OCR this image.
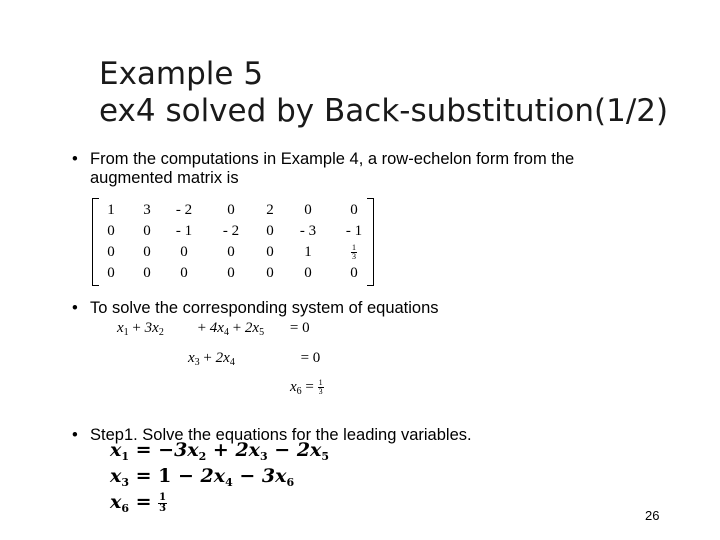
Example 5
ex4 solved by Back-substitution(1/2)
• From the computations in Example 4, a row-echelon form from the augmented matrix is
1	3	- 2	0	2	0	0
0	0	- 1	- 2	0	- 3	- 1
0	0	0	0	0	1	$\frac{1}{3}$
0	0	0	0	0	0	0
• To solve the corresponding system of equations
$x_1 + 3x_2 + 4x_4 + 2x_5 = 0$
$x_3 + 2x_4$	= 0
$x_6 = \frac{1}{3}$
• Step1. Solve the equations for the leading variables.
$x_1 = -3x_2 + 2x_3 - 2x_5$
$x_3 = 1 - 2x_4 - 3x_6$
$x_6 = \frac{1}{3}$
26
